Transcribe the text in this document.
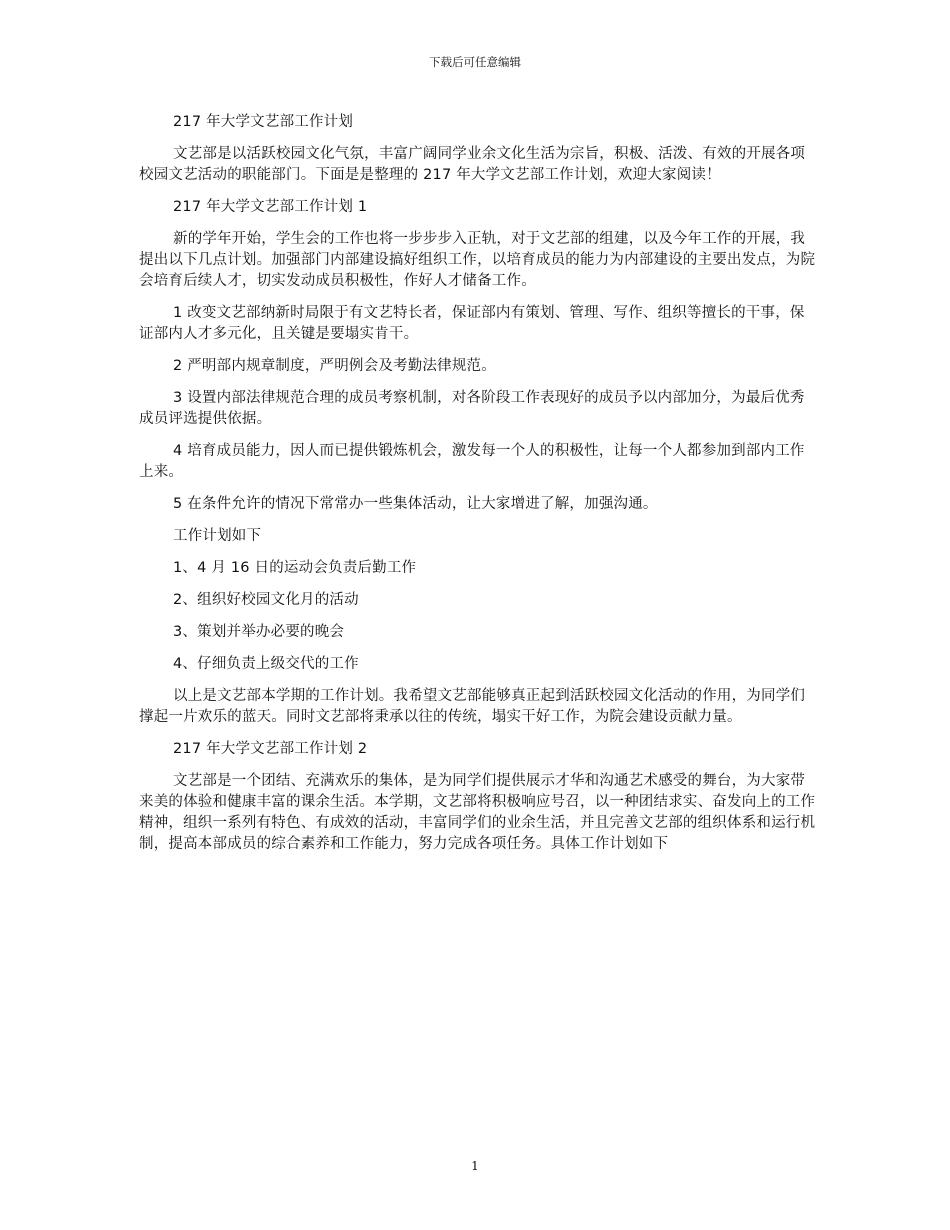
下载后可任意编辑

217 年大学文艺部工作计划

文艺部是以活跃校园文化气氛，丰富广阔同学业余文化生活为宗旨，积极、活泼、有效的开展各项校园文艺活动的职能部门。下面是是整理的 217 年大学文艺部工作计划，欢迎大家阅读！

217 年大学文艺部工作计划 1

新的学年开始，学生会的工作也将一步步步入正轨，对于文艺部的组建，以及今年工作的开展，我提出以下几点计划。加强部门内部建设搞好组织工作，以培育成员的能力为内部建设的主要出发点，为院会培育后续人才，切实发动成员积极性，作好人才储备工作。

1 改变文艺部纳新时局限于有文艺特长者，保证部内有策划、管理、写作、组织等擅长的干事，保证部内人才多元化，且关键是要塌实肯干。

2 严明部内规章制度，严明例会及考勤法律规范。

3 设置内部法律规范合理的成员考察机制，对各阶段工作表现好的成员予以内部加分，为最后优秀成员评选提供依据。

4 培育成员能力，因人而已提供锻炼机会，激发每一个人的积极性，让每一个人都参加到部内工作上来。

5 在条件允许的情况下常常办一些集体活动，让大家增进了解，加强沟通。

工作计划如下

1、4 月 16 日的运动会负责后勤工作

2、组织好校园文化月的活动

3、策划并举办必要的晚会

4、仔细负责上级交代的工作

以上是文艺部本学期的工作计划。我希望文艺部能够真正起到活跃校园文化活动的作用，为同学们撑起一片欢乐的蓝天。同时文艺部将秉承以往的传统，塌实干好工作，为院会建设贡献力量。

217 年大学文艺部工作计划 2

文艺部是一个团结、充满欢乐的集体，是为同学们提供展示才华和沟通艺术感受的舞台，为大家带来美的体验和健康丰富的课余生活。本学期，文艺部将积极响应号召，以一种团结求实、奋发向上的工作精神，组织一系列有特色、有成效的活动，丰富同学们的业余生活，并且完善文艺部的组织体系和运行机制，提高本部成员的综合素养和工作能力，努力完成各项任务。具体工作计划如下

1
